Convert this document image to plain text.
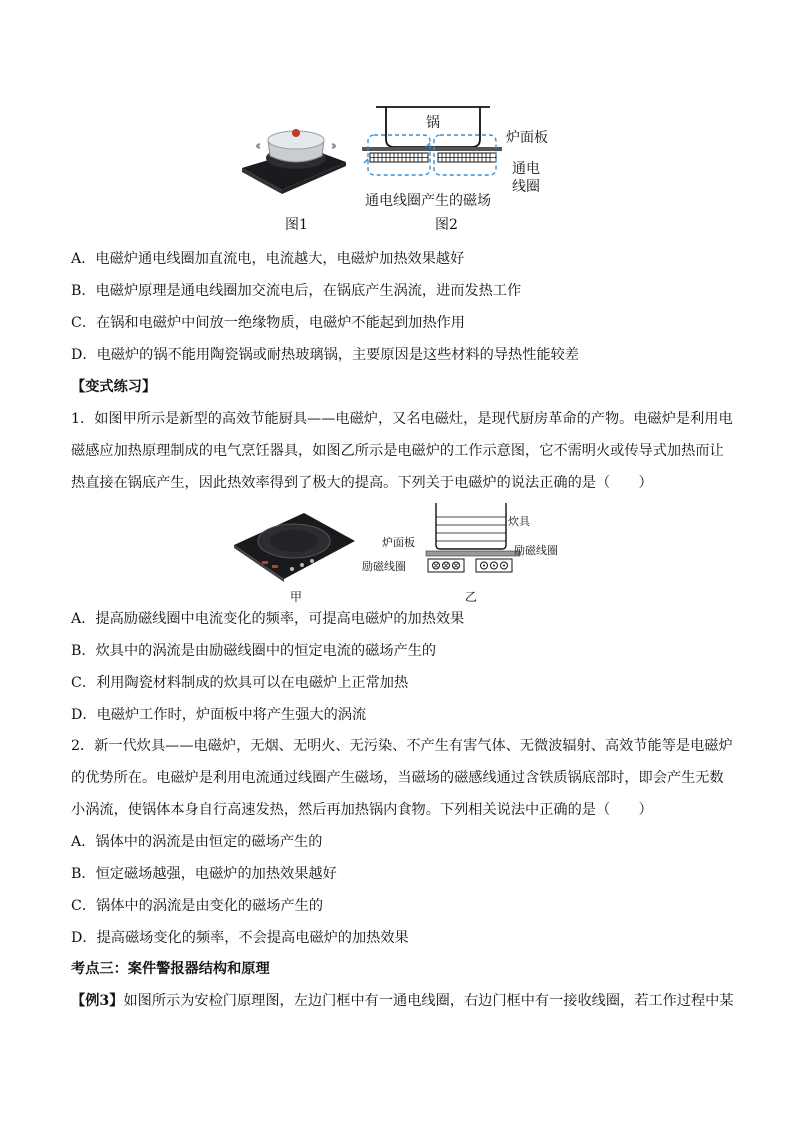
图1
锅
炉面板
通电
线圈
通电线圈产生的磁场
图2
A．电磁炉通电线圈加直流电，电流越大，电磁炉加热效果越好
B．电磁炉原理是通电线圈加交流电后，在锅底产生涡流，进而发热工作
C．在锅和电磁炉中间放一绝缘物质，电磁炉不能起到加热作用
D．电磁炉的锅不能用陶瓷锅或耐热玻璃锅，主要原因是这些材料的导热性能较差
【变式练习】
1．如图甲所示是新型的高效节能厨具——电磁炉，又名电磁灶，是现代厨房革命的产物。电磁炉是利用电
磁感应加热原理制成的电气烹饪器具，如图乙所示是电磁炉的工作示意图，它不需明火或传导式加热而让
热直接在锅底产生，因此热效率得到了极大的提高。下列关于电磁炉的说法正确的是（　　）
甲
炊具
炉面板
励磁线圈
励磁线圈
乙
A．提高励磁线圈中电流变化的频率，可提高电磁炉的加热效果
B．炊具中的涡流是由励磁线圈中的恒定电流的磁场产生的
C．利用陶瓷材料制成的炊具可以在电磁炉上正常加热
D．电磁炉工作时，炉面板中将产生强大的涡流
2．新一代炊具——电磁炉，无烟、无明火、无污染、不产生有害气体、无微波辐射、高效节能等是电磁炉
的优势所在。电磁炉是利用电流通过线圈产生磁场，当磁场的磁感线通过含铁质锅底部时，即会产生无数
小涡流，使锅体本身自行高速发热，然后再加热锅内食物。下列相关说法中正确的是（　　）
A．锅体中的涡流是由恒定的磁场产生的
B．恒定磁场越强，电磁炉的加热效果越好
C．锅体中的涡流是由变化的磁场产生的
D．提高磁场变化的频率，不会提高电磁炉的加热效果
考点三：案件警报器结构和原理
【例3】如图所示为安检门原理图，左边门框中有一通电线圈，右边门框中有一接收线圈，若工作过程中某
